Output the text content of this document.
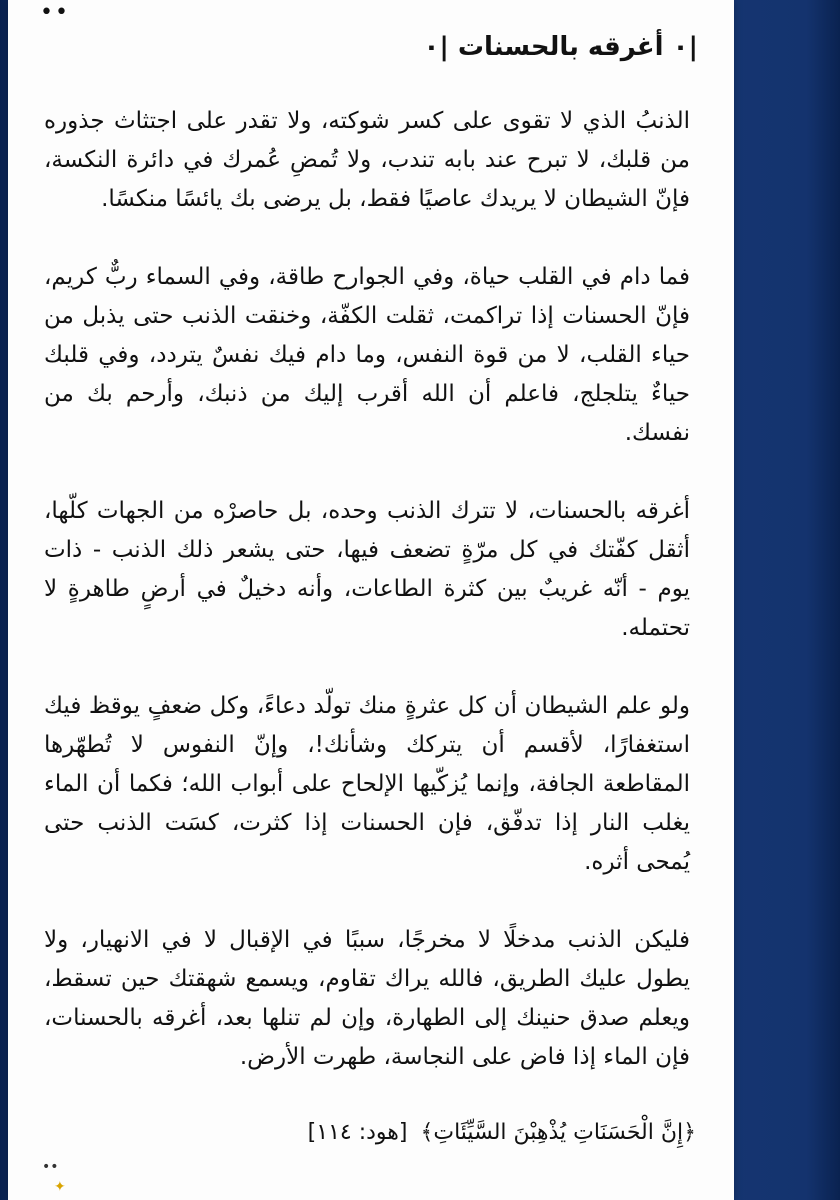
••
|٠ أغرقه بالحسنات |٠

الذنبُ الذي لا تقوى على كسر شوكته، ولا تقدر على اجتثاث جذوره من قلبك، لا تبرح عند بابه تندب، ولا تُمضِ عُمرك في دائرة النكسة، فإنّ الشيطان لا يريدك عاصيًا فقط، بل يرضى بك يائسًا منكسًا.

فما دام في القلب حياة، وفي الجوارح طاقة، وفي السماء ربٌّ كريم، فإنّ الحسنات إذا تراكمت، ثقلت الكفّة، وخنقت الذنب حتى يذبل من حياء القلب، لا من قوة النفس، وما دام فيك نفسٌ يتردد، وفي قلبك حياءٌ يتلجلج، فاعلم أن الله أقرب إليك من ذنبك، وأرحم بك من نفسك.

أغرقه بالحسنات، لا تترك الذنب وحده، بل حاصرْه من الجهات كلّها، أثقل كفّتك في كل مرّةٍ تضعف فيها، حتى يشعر ذلك الذنب - ذات يوم - أنّه غريبٌ بين كثرة الطاعات، وأنه دخيلٌ في أرضٍ طاهرةٍ لا تحتمله.

ولو علم الشيطان أن كل عثرةٍ منك تولّد دعاءً، وكل ضعفٍ يوقظ فيك استغفارًا، لأقسم أن يتركك وشأنك!، وإنّ النفوس لا تُطهّرها المقاطعة الجافة، وإنما يُزكّيها الإلحاح على أبواب الله؛ فكما أن الماء يغلب النار إذا تدفّق، فإن الحسنات إذا كثرت، كسَت الذنب حتى يُمحى أثره.

فليكن الذنب مدخلًا لا مخرجًا، سببًا في الإقبال لا في الانهيار، ولا يطول عليك الطريق، فالله يراك تقاوم، ويسمع شهقتك حين تسقط، ويعلم صدق حنينك إلى الطهارة، وإن لم تنلها بعد، أغرقه بالحسنات، فإن الماء إذا فاض على النجاسة، طهرت الأرض.

﴿إِنَّ الْحَسَنَاتِ يُذْهِبْنَ السَّيِّئَاتِ﴾ [هود: ١١٤]
••
✦
